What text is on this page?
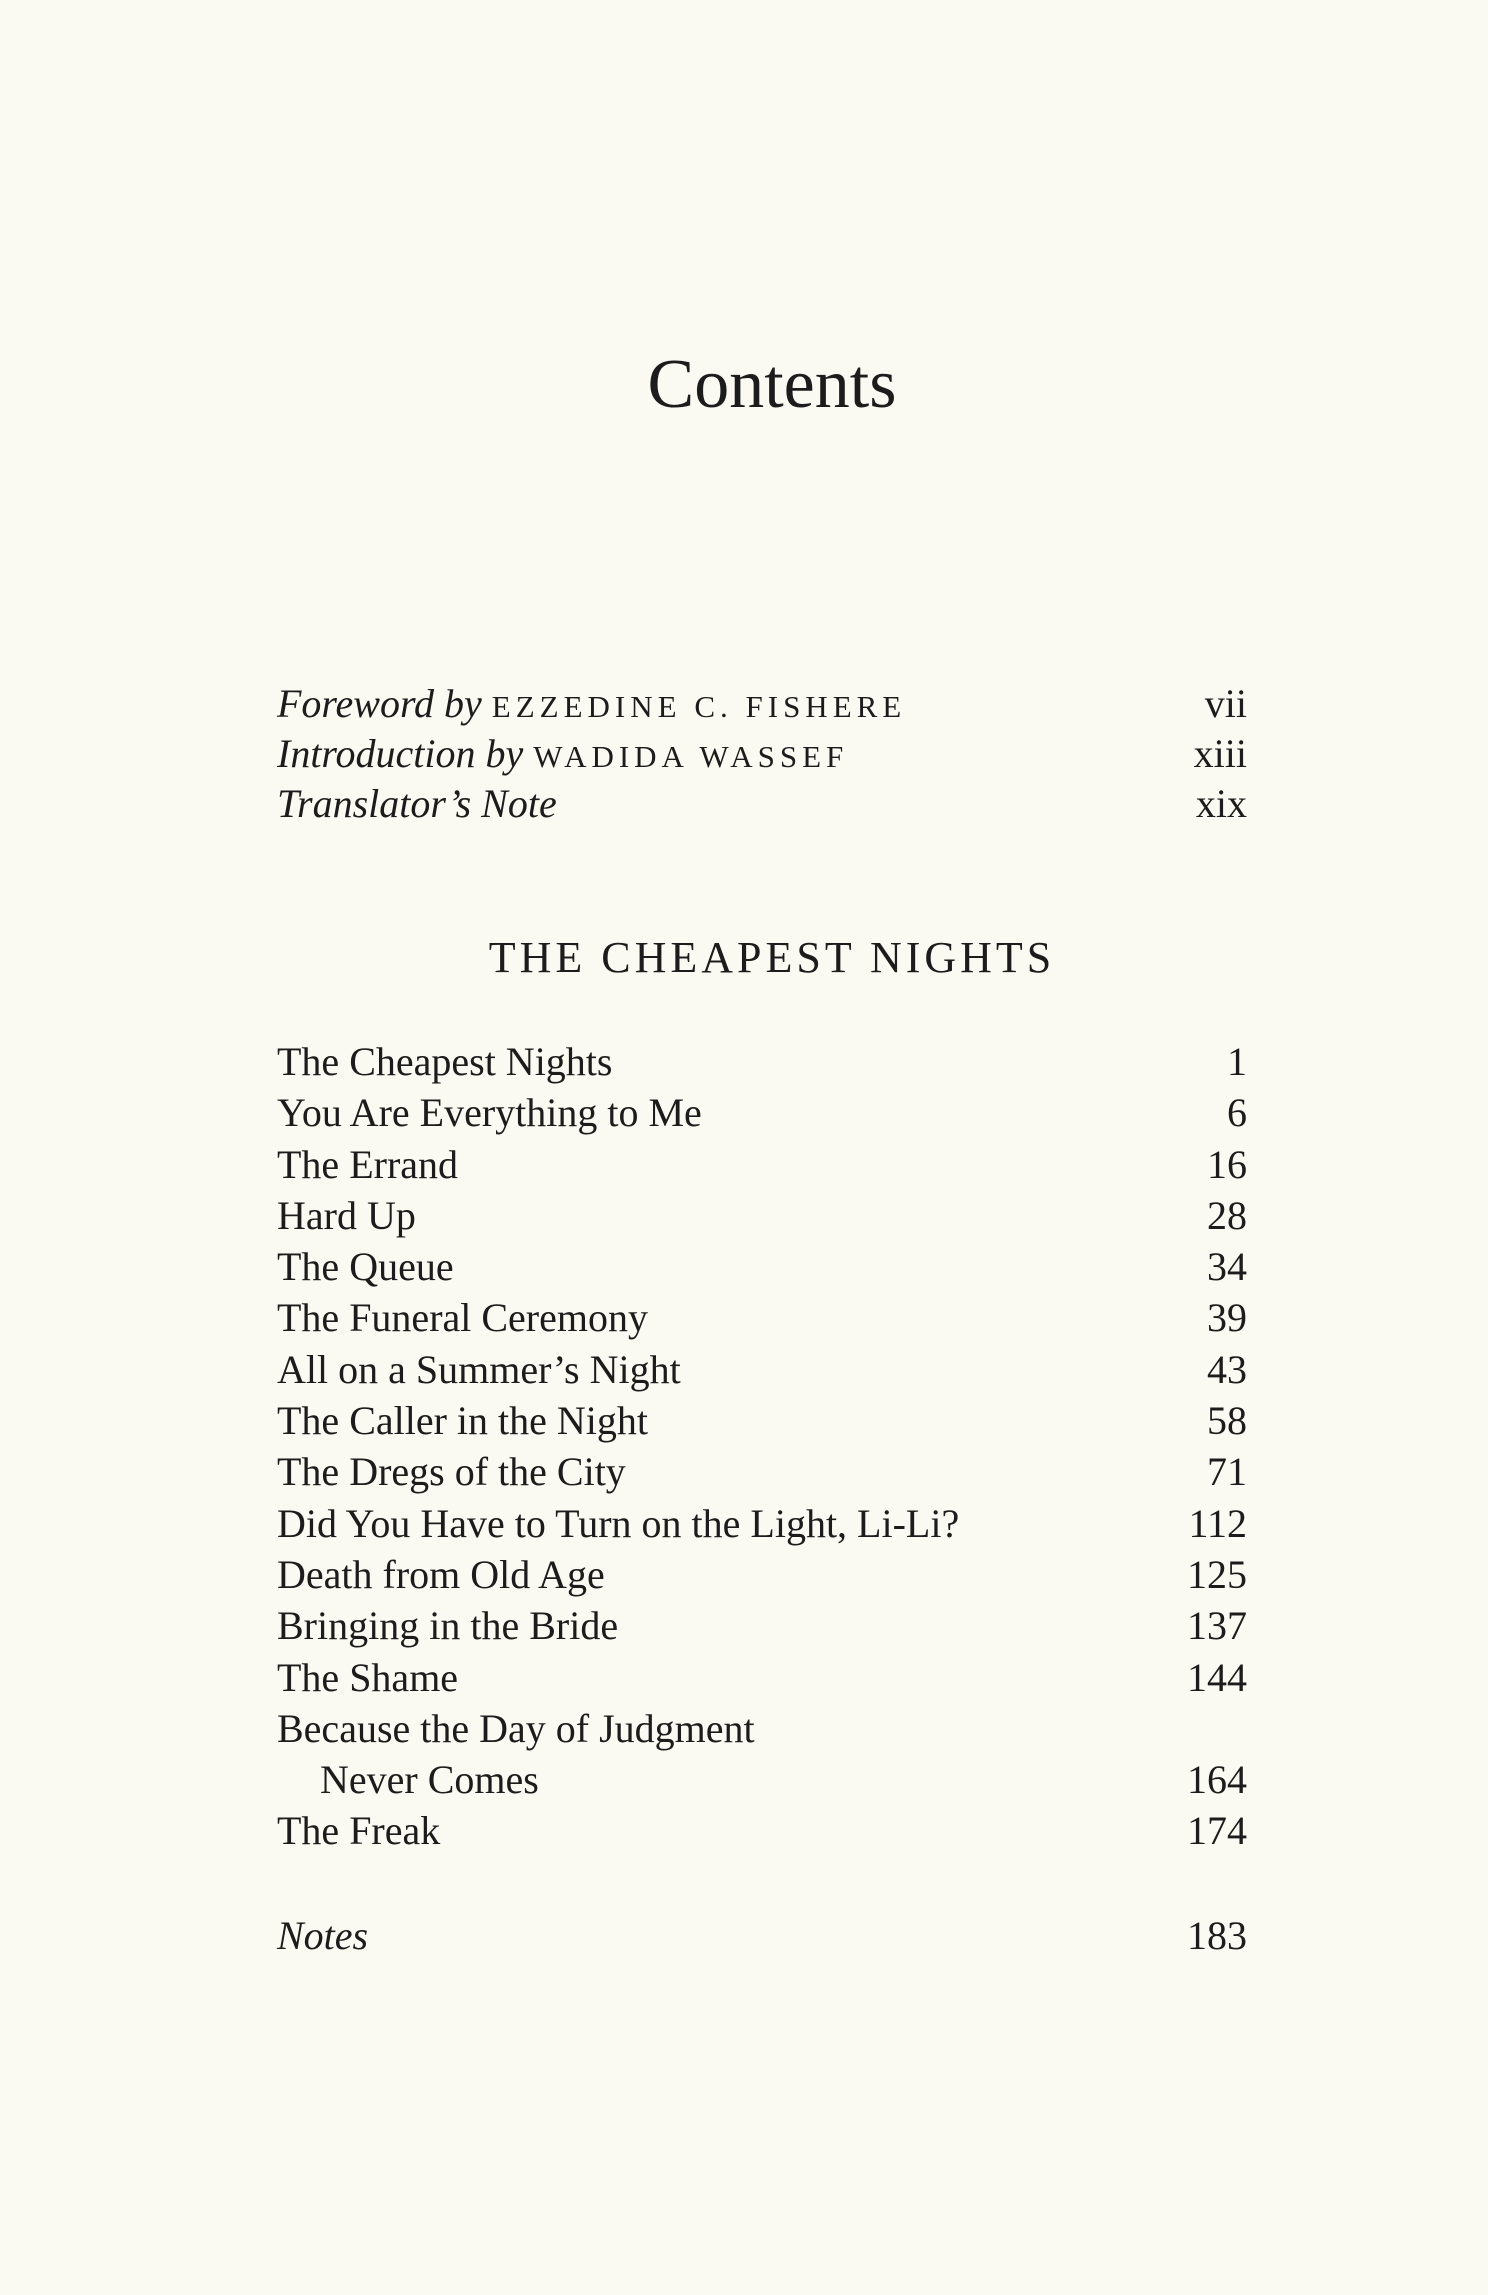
Contents
Foreword by EZZEDINE C. FISHERE	vii
Introduction by WADIDA WASSEF	xiii
Translator’s Note	xix
THE CHEAPEST NIGHTS
The Cheapest Nights	1
You Are Everything to Me	6
The Errand	16
Hard Up	28
The Queue	34
The Funeral Ceremony	39
All on a Summer’s Night	43
The Caller in the Night	58
The Dregs of the City	71
Did You Have to Turn on the Light, Li-Li?	112
Death from Old Age	125
Bringing in the Bride	137
The Shame	144
Because the Day of Judgment
Never Comes	164
The Freak	174
Notes	183
